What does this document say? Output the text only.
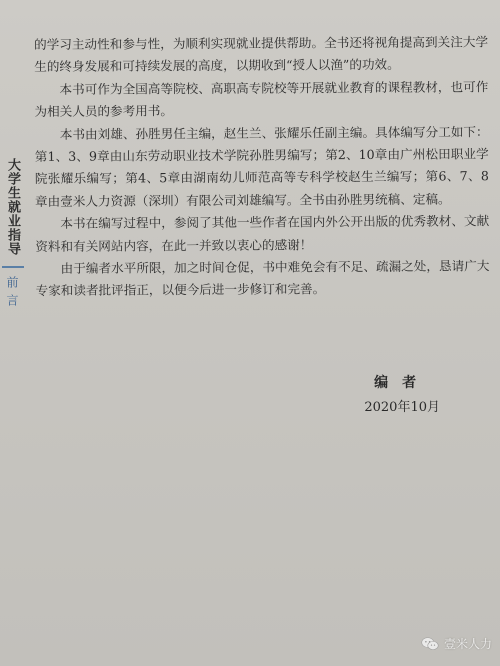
大学生就业指导
前言

的学习主动性和参与性，为顺利实现就业提供帮助。全书还将视角提高到关注大学生的终身发展和可持续发展的高度，以期收到“授人以渔”的功效。

本书可作为全国高等院校、高职高专院校等开展就业教育的课程教材，也可作为相关人员的参考用书。

本书由刘雄、孙胜男任主编，赵生兰、张耀乐任副主编。具体编写分工如下：第1、3、9章由山东劳动职业技术学院孙胜男编写；第2、10章由广州松田职业学院张耀乐编写；第4、5章由湖南幼儿师范高等专科学校赵生兰编写；第6、7、8章由壹米人力资源（深圳）有限公司刘雄编写。全书由孙胜男统稿、定稿。

本书在编写过程中，参阅了其他一些作者在国内外公开出版的优秀教材、文献资料和有关网站内容，在此一并致以衷心的感谢！

由于编者水平所限，加之时间仓促，书中难免会有不足、疏漏之处，恳请广大专家和读者批评指正，以便今后进一步修订和完善。

编者
2020年10月
壹米人力
